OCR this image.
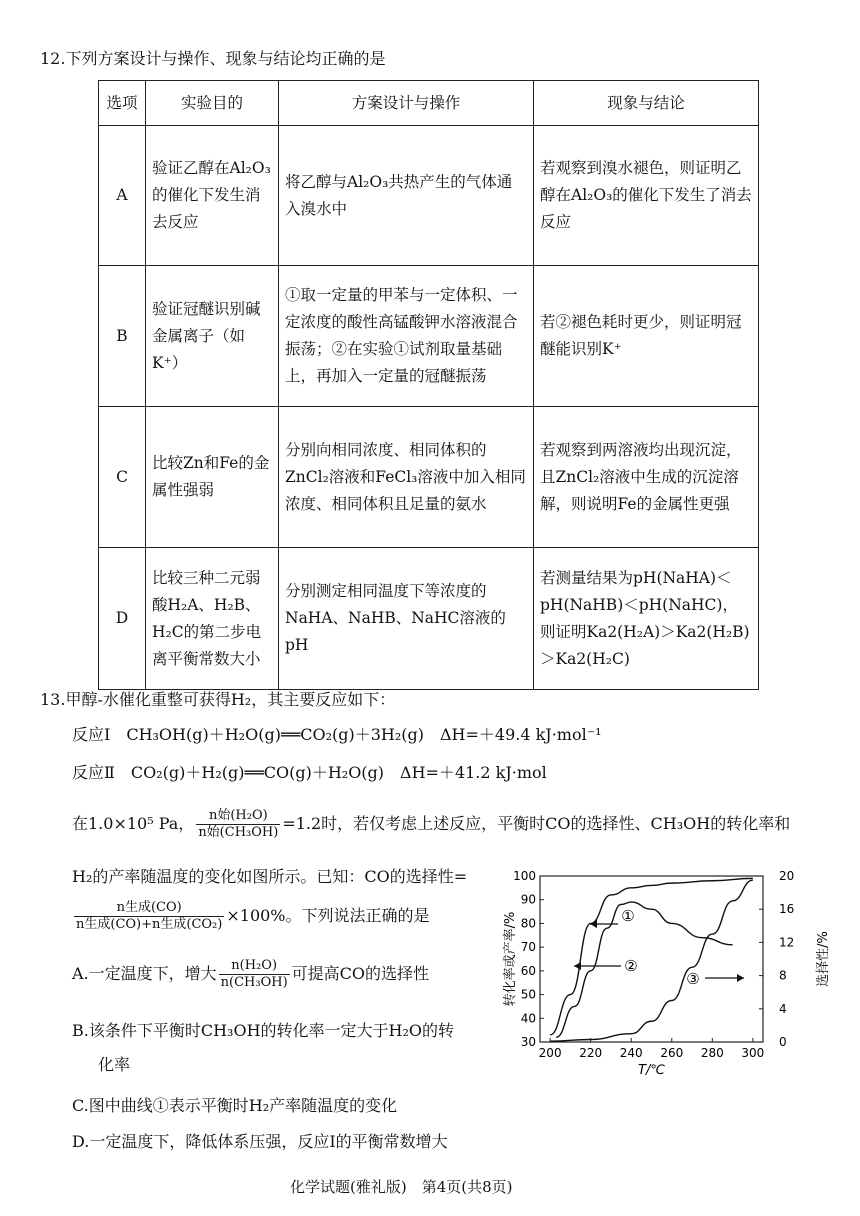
12.下列方案设计与操作、现象与结论均正确的是
选项	实验目的	方案设计与操作	现象与结论
A	验证乙醇在Al₂O₃的催化下发生消去反应	将乙醇与Al₂O₃共热产生的气体通入溴水中	若观察到溴水褪色，则证明乙醇在Al₂O₃的催化下发生了消去反应
B	验证冠醚识别碱金属离子（如K⁺）	①取一定量的甲苯与一定体积、一定浓度的酸性高锰酸钾水溶液混合振荡；②在实验①试剂取量基础上，再加入一定量的冠醚振荡	若②褪色耗时更少，则证明冠醚能识别K⁺
C	比较Zn和Fe的金属性强弱	分别向相同浓度、相同体积的ZnCl₂溶液和FeCl₃溶液中加入相同浓度、相同体积且足量的氨水	若观察到两溶液均出现沉淀，且ZnCl₂溶液中生成的沉淀溶解，则说明Fe的金属性更强
D	比较三种二元弱酸H₂A、H₂B、H₂C的第二步电离平衡常数大小	分别测定相同温度下等浓度的NaHA、NaHB、NaHC溶液的pH	若测量结果为pH(NaHA)＜pH(NaHB)＜pH(NaHC)，则证明Ka2(H₂A)＞Ka2(H₂B)＞Ka2(H₂C)
13.甲醇-水催化重整可获得H₂，其主要反应如下：
反应Ⅰ　CH₃OH(g)＋H₂O(g)══CO₂(g)＋3H₂(g)　ΔH=＋49.4 kJ·mol⁻¹
反应Ⅱ　CO₂(g)＋H₂(g)══CO(g)＋H₂O(g)　ΔH=＋41.2 kJ·mol
在1.0×10⁵ Pa， $\frac{\text{n始(H₂O)}}{\text{n始(CH₃OH)}} =1.2$时，若仅考虑上述反应，平衡时CO的选择性、CH₃OH的转化率和
H₂的产率随温度的变化如图所示。已知：CO的选择性=
$\frac{\text{n生成(CO)}}{\text{n生成(CO)+n生成(CO₂)}} \times 100\%$。下列说法正确的是
A.一定温度下，增大 $\frac{\text{n(H₂O)}}{\text{n(CH₃OH)}}$ 可提高CO的选择性
B.该条件下平衡时CH₃OH的转化率一定大于H₂O的转
化率
C.图中曲线①表示平衡时H₂产率随温度的变化
D.一定温度下，降低体系压强，反应Ⅰ的平衡常数增大
200 220 240 260 280 300
30
40
50
60
70
80
90
100
0
4
8
12
16
20
T/℃
转化率或产率/%	选择性/%
①
②
③
化学试题(雅礼版)　第4页(共8页)
